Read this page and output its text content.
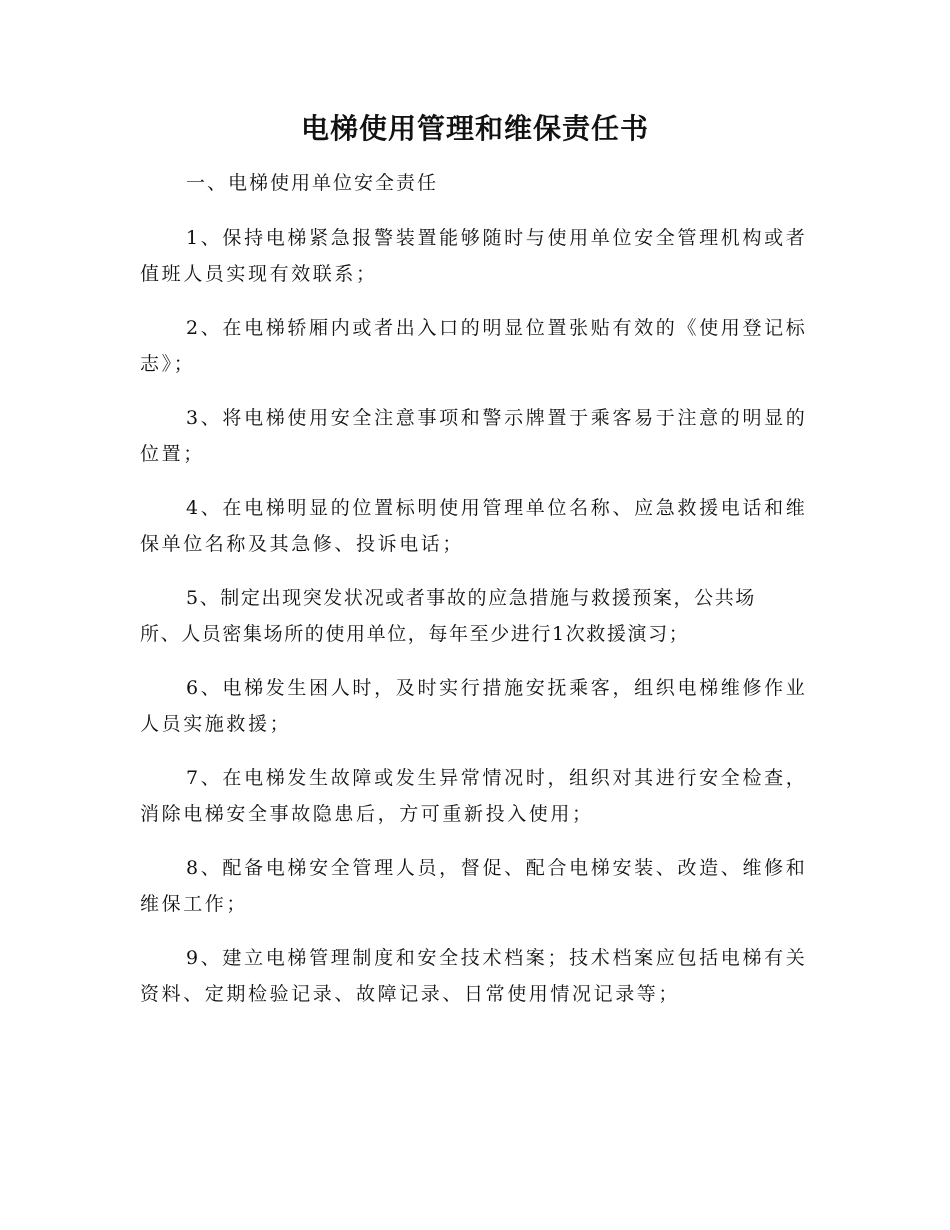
电梯使用管理和维保责任书

一、电梯使用单位安全责任

1、保持电梯紧急报警装置能够随时与使用单位安全管理机构或者
值班人员实现有效联系；
2、在电梯轿厢内或者出入口的明显位置张贴有效的《使用登记标
志》；
3、将电梯使用安全注意事项和警示牌置于乘客易于注意的明显的
位置；
4、在电梯明显的位置标明使用管理单位名称、应急救援电话和维
保单位名称及其急修、投诉电话；
5、制定出现突发状况或者事故的应急措施与救援预案，公共场
所、人员密集场所的使用单位，每年至少进行1次救援演习；
6、电梯发生困人时，及时实行措施安抚乘客，组织电梯维修作业
人员实施救援；
7、在电梯发生故障或发生异常情况时，组织对其进行安全检查，
消除电梯安全事故隐患后，方可重新投入使用；
8、配备电梯安全管理人员，督促、配合电梯安装、改造、维修和
维保工作；
9、建立电梯管理制度和安全技术档案；技术档案应包括电梯有关
资料、定期检验记录、故障记录、日常使用情况记录等；
